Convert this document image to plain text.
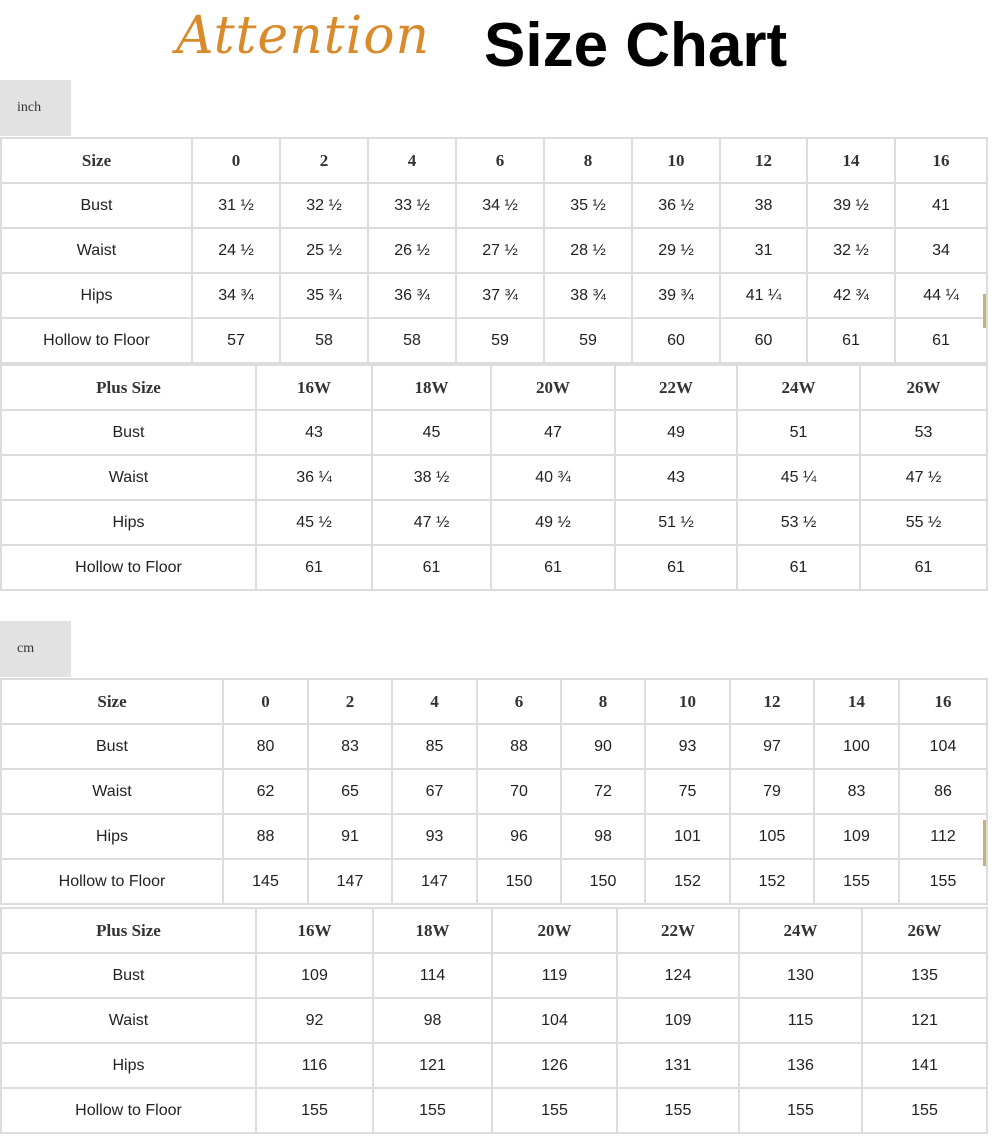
Attention Size Chart
inch
Size	0	2	4	6	8	10	12	14	16
Bust	31 ½	32 ½	33 ½	34 ½	35 ½	36 ½	38	39 ½	41
Waist	24 ½	25 ½	26 ½	27 ½	28 ½	29 ½	31	32 ½	34
Hips	34 ¾	35 ¾	36 ¾	37 ¾	38 ¾	39 ¾	41 ¼	42 ¾	44 ¼
Hollow to Floor	57	58	58	59	59	60	60	61	61
Plus Size	16W	18W	20W	22W	24W	26W
Bust	43	45	47	49	51	53
Waist	36 ¼	38 ½	40 ¾	43	45 ¼	47 ½
Hips	45 ½	47 ½	49 ½	51 ½	53 ½	55 ½
Hollow to Floor	61	61	61	61	61	61
cm
Size	0	2	4	6	8	10	12	14	16
Bust	80	83	85	88	90	93	97	100	104
Waist	62	65	67	70	72	75	79	83	86
Hips	88	91	93	96	98	101	105	109	112
Hollow to Floor	145	147	147	150	150	152	152	155	155
Plus Size	16W	18W	20W	22W	24W	26W
Bust	109	114	119	124	130	135
Waist	92	98	104	109	115	121
Hips	116	121	126	131	136	141
Hollow to Floor	155	155	155	155	155	155
